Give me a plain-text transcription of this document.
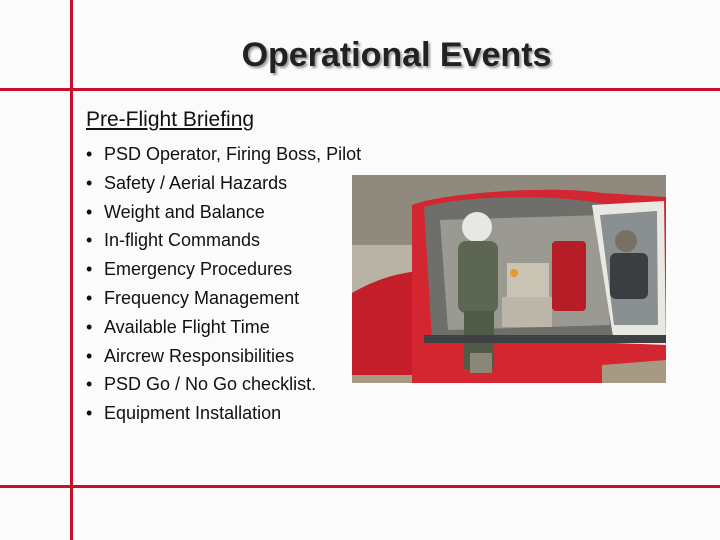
Operational Events
Pre-Flight Briefing
• PSD Operator, Firing Boss, Pilot
• Safety / Aerial Hazards
• Weight and Balance
• In-flight Commands
• Emergency Procedures
• Frequency Management
• Available Flight Time
• Aircrew Responsibilities
• PSD Go / No Go checklist.
• Equipment Installation
